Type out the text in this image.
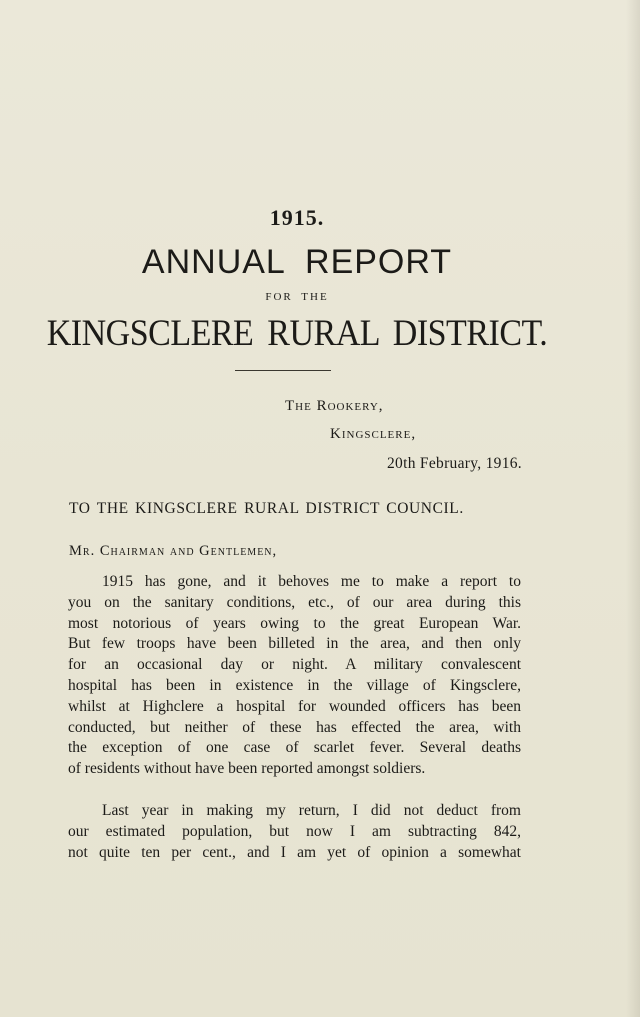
1915.
ANNUAL REPORT
FOR THE
KINGSCLERE RURAL DISTRICT.
The Rookery,
Kingsclere,
20th February, 1916.
TO THE KINGSCLERE RURAL DISTRICT COUNCIL.
Mr. Chairman and Gentlemen,
1915 has gone, and it behoves me to make a report to
you on the sanitary conditions, etc., of our area during this
most notorious of years owing to the great European War.
But few troops have been billeted in the area, and then only
for an occasional day or night. A military convalescent
hospital has been in existence in the village of Kingsclere,
whilst at Highclere a hospital for wounded officers has been
conducted, but neither of these has effected the area, with
the exception of one case of scarlet fever. Several deaths
of residents without have been reported amongst soldiers.
Last year in making my return, I did not deduct from
our estimated population, but now I am subtracting 842,
not quite ten per cent., and I am yet of opinion a somewhat
